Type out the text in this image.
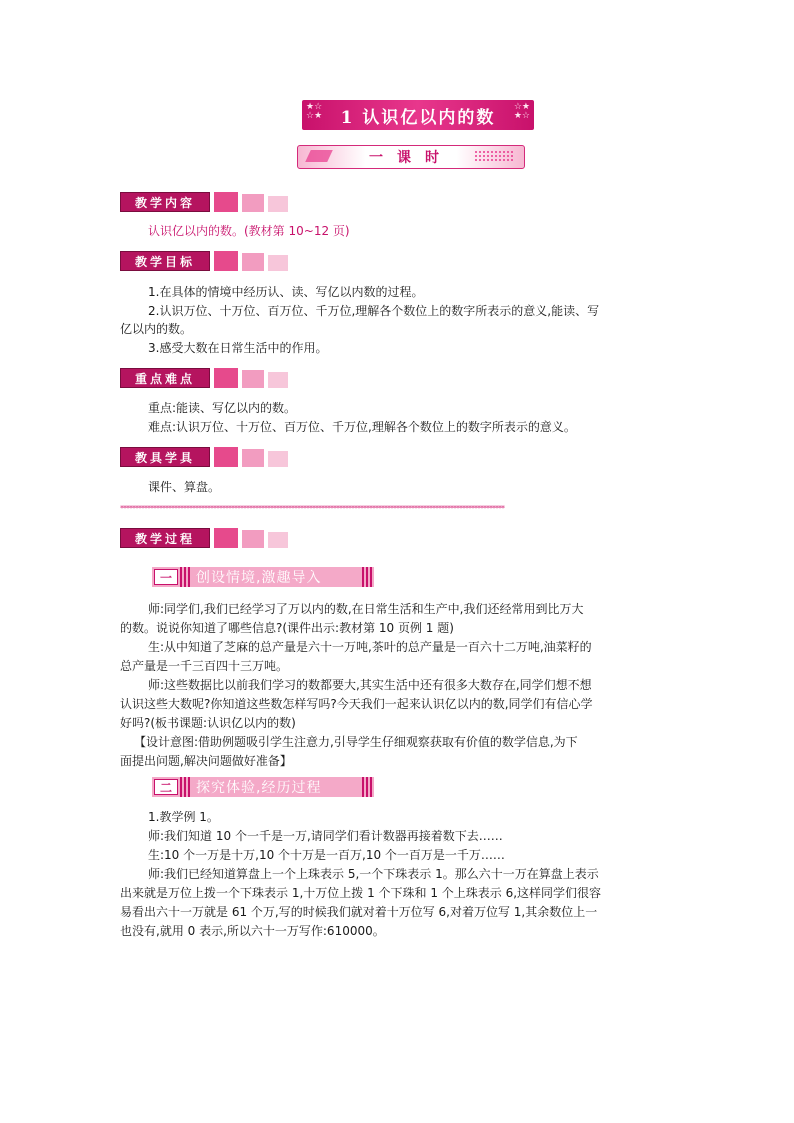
★☆
☆★ 1 认识亿以内的数
☆★
★☆
一课时
教学内容
认识亿以内的数。(教材第 10~12 页)
教学目标
1.在具体的情境中经历认、读、写亿以内数的过程。
2.认识万位、十万位、百万位、千万位,理解各个数位上的数字所表示的意义,能读、写
亿以内的数。
3.感受大数在日常生活中的作用。
重点难点
重点:能读、写亿以内的数。
难点:认识万位、十万位、百万位、千万位,理解各个数位上的数字所表示的意义。
教具学具
课件、算盘。
********************************************************************************************************************************
教学过程
一	创设情境,激趣导入

师:同学们,我们已经学习了万以内的数,在日常生活和生产中,我们还经常用到比万大

的数。说说你知道了哪些信息?(课件出示:教材第 10 页例 1 题)

生:从中知道了芝麻的总产量是六十一万吨,茶叶的总产量是一百六十二万吨,油菜籽的

总产量是一千三百四十三万吨。

师:这些数据比以前我们学习的数都要大,其实生活中还有很多大数存在,同学们想不想

认识这些大数呢?你知道这些数怎样写吗?今天我们一起来认识亿以内的数,同学们有信心学

好吗?(板书课题:认识亿以内的数)

【设计意图:借助例题吸引学生注意力,引导学生仔细观察获取有价值的数学信息,为下

面提出问题,解决问题做好准备】

二	探究体验,经历过程

1.教学例 1。

师:我们知道 10 个一千是一万,请同学们看计数器再接着数下去……

生:10 个一万是十万,10 个十万是一百万,10 个一百万是一千万……

师:我们已经知道算盘上一个上珠表示 5,一个下珠表示 1。那么六十一万在算盘上表示

出来就是万位上拨一个下珠表示 1,十万位上拨 1 个下珠和 1 个上珠表示 6,这样同学们很容

易看出六十一万就是 61 个万,写的时候我们就对着十万位写 6,对着万位写 1,其余数位上一

也没有,就用 0 表示,所以六十一万写作:610000。
